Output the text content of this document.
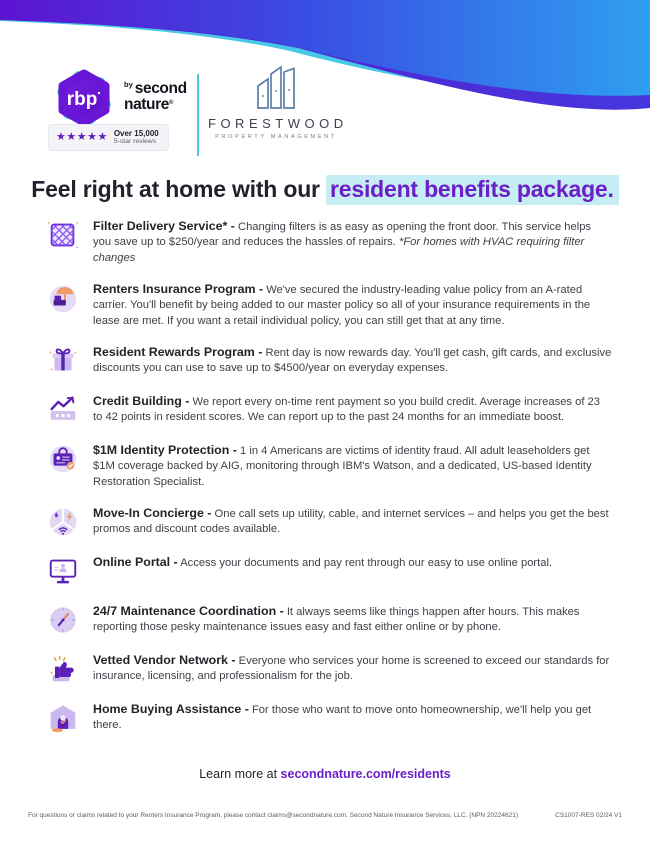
rbp
$^{by}$ second
nature®
★★★★★ Over 15,000
5-star reviews
FORESTWOOD
PROPERTY MANAGEMENT
Feel right at home with our resident benefits package.

Filter Delivery Service* - Changing filters is as easy as opening the front door. This service helps you save up to $250/year and reduces the hassles of repairs. *For homes with HVAC requiring filter changes

Renters Insurance Program - We've secured the industry-leading value policy from an A-rated carrier. You'll benefit by being added to our master policy so all of your insurance requirements in the lease are met. If you want a retail individual policy, you can still get that at any time.

Resident Rewards Program - Rent day is now rewards day. You'll get cash, gift cards, and exclusive discounts you can use to save up to $4500/year on everyday expenses.

Credit Building - We report every on-time rent payment so you build credit. Average increases of 23 to 42 points in resident scores. We can report up to the past 24 months for an immediate boost.

$1M Identity Protection - 1 in 4 Americans are victims of identity fraud. All adult leaseholders get $1M coverage backed by AIG, monitoring through IBM's Watson, and a dedicated, US-based Identity Restoration Specialist.

Move-In Concierge - One call sets up utility, cable, and internet services – and helps you get the best promos and discount codes available.

Online Portal - Access your documents and pay rent through our easy to use online portal.

24/7 Maintenance Coordination - It always seems like things happen after hours. This makes reporting those pesky maintenance issues easy and fast either online or by phone.

Vetted Vendor Network - Everyone who services your home is screened to exceed our standards for insurance, licensing, and professionalism for the job.

Home Buying Assistance - For those who want to move onto homeownership, we'll help you get there.

Learn more at secondnature.com/residents
For questions or claims related to your Renters Insurance Program, please contact claims@secondnature.com. Second Nature Insurance Services, LLC. (NPN 20224621)	CS1007-RES 02/24 V1
